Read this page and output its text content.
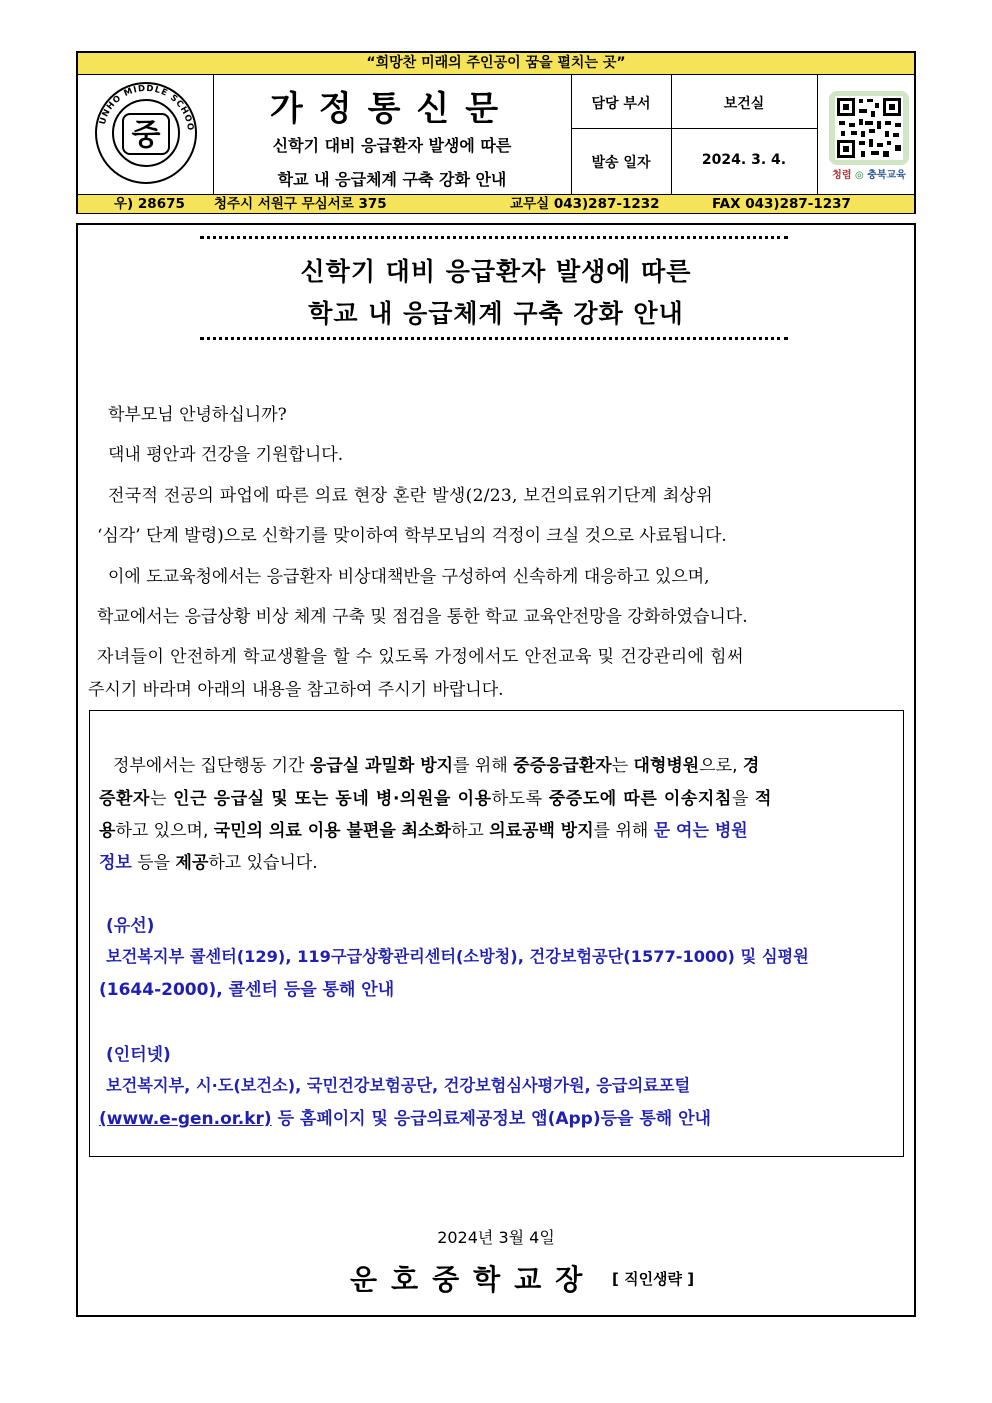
“희망찬 미래의 주인공이 꿈을 펼치는 곳”
UNHO MIDDLE SCHOO
중
가정통신문
신학기 대비 응급환자 발생에 따른
학교 내 응급체계 구축 강화 안내
담당 부서	보건실
발송 일자	2024. 3. 4.
청렴 ◎ 충북교육
우) 28675 청주시 서원구 무심서로 375	교무실 043)287-1232	FAX 043)287-1237
신학기 대비 응급환자 발생에 따른
학교 내 응급체계 구축 강화 안내
학부모님 안녕하십니까?
댁내 평안과 건강을 기원합니다.
전국적 전공의 파업에 따른 의료 현장 혼란 발생(2/23, 보건의료위기단계 최상위
‘심각’ 단계 발령)으로 신학기를 맞이하여 학부모님의 걱정이 크실 것으로 사료됩니다.
이에 도교육청에서는 응급환자 비상대책반을 구성하여 신속하게 대응하고 있으며,
학교에서는 응급상황 비상 체계 구축 및 점검을 통한 학교 교육안전망을 강화하였습니다.
자녀들이 안전하게 학교생활을 할 수 있도록 가정에서도 안전교육 및 건강관리에 힘써
주시기 바라며 아래의 내용을 참고하여 주시기 바랍니다.
정부에서는 집단행동 기간 응급실 과밀화 방지를 위해 중증응급환자는 대형병원으로, 경
증환자는 인근 응급실 및 또는 동네 병·의원을 이용하도록 중증도에 따른 이송지침을 적
용하고 있으며, 국민의 의료 이용 불편을 최소화하고 의료공백 방지를 위해 문 여는 병원
정보 등을 제공하고 있습니다.
(유선)
보건복지부 콜센터(129), 119구급상황관리센터(소방청), 건강보험공단(1577-1000) 및 심평원
(1644-2000), 콜센터 등을 통해 안내
(인터넷)
보건복지부, 시·도(보건소), 국민건강보험공단, 건강보험심사평가원, 응급의료포털
(www.e-gen.or.kr) 등 홈페이지 및 응급의료제공정보 앱(App)등을 통해 안내
2024년 3월 4일
운호중학교장 [ 직인생략 ]
